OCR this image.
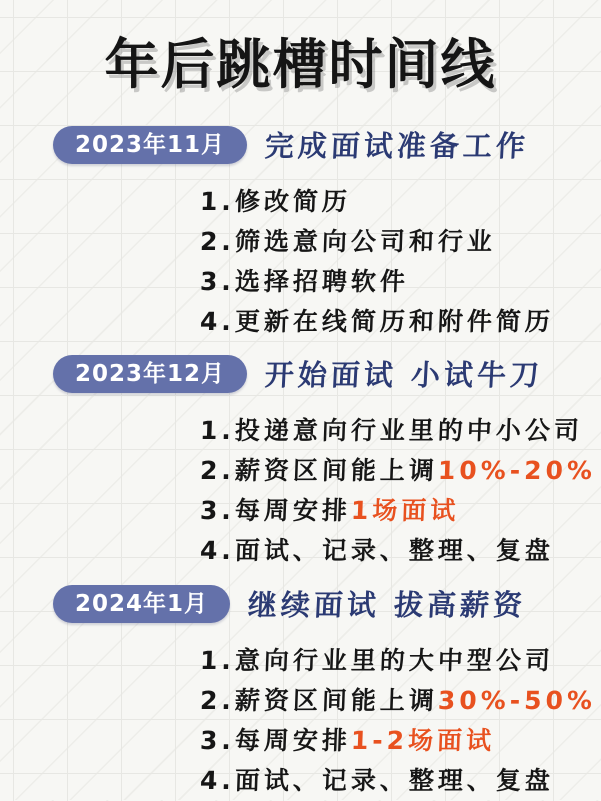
年后跳槽时间线
2023年11月	完成面试准备工作
1.修改简历
2.筛选意向公司和行业
3.选择招聘软件
4.更新在线简历和附件简历
2023年12月	开始面试 小试牛刀
1.投递意向行业里的中小公司
2.薪资区间能上调10%-20%
3.每周安排1场面试
4.面试、记录、整理、复盘
2024年1月	继续面试 拔高薪资
1.意向行业里的大中型公司
2.薪资区间能上调30%-50%
3.每周安排1-2场面试
4.面试、记录、整理、复盘
